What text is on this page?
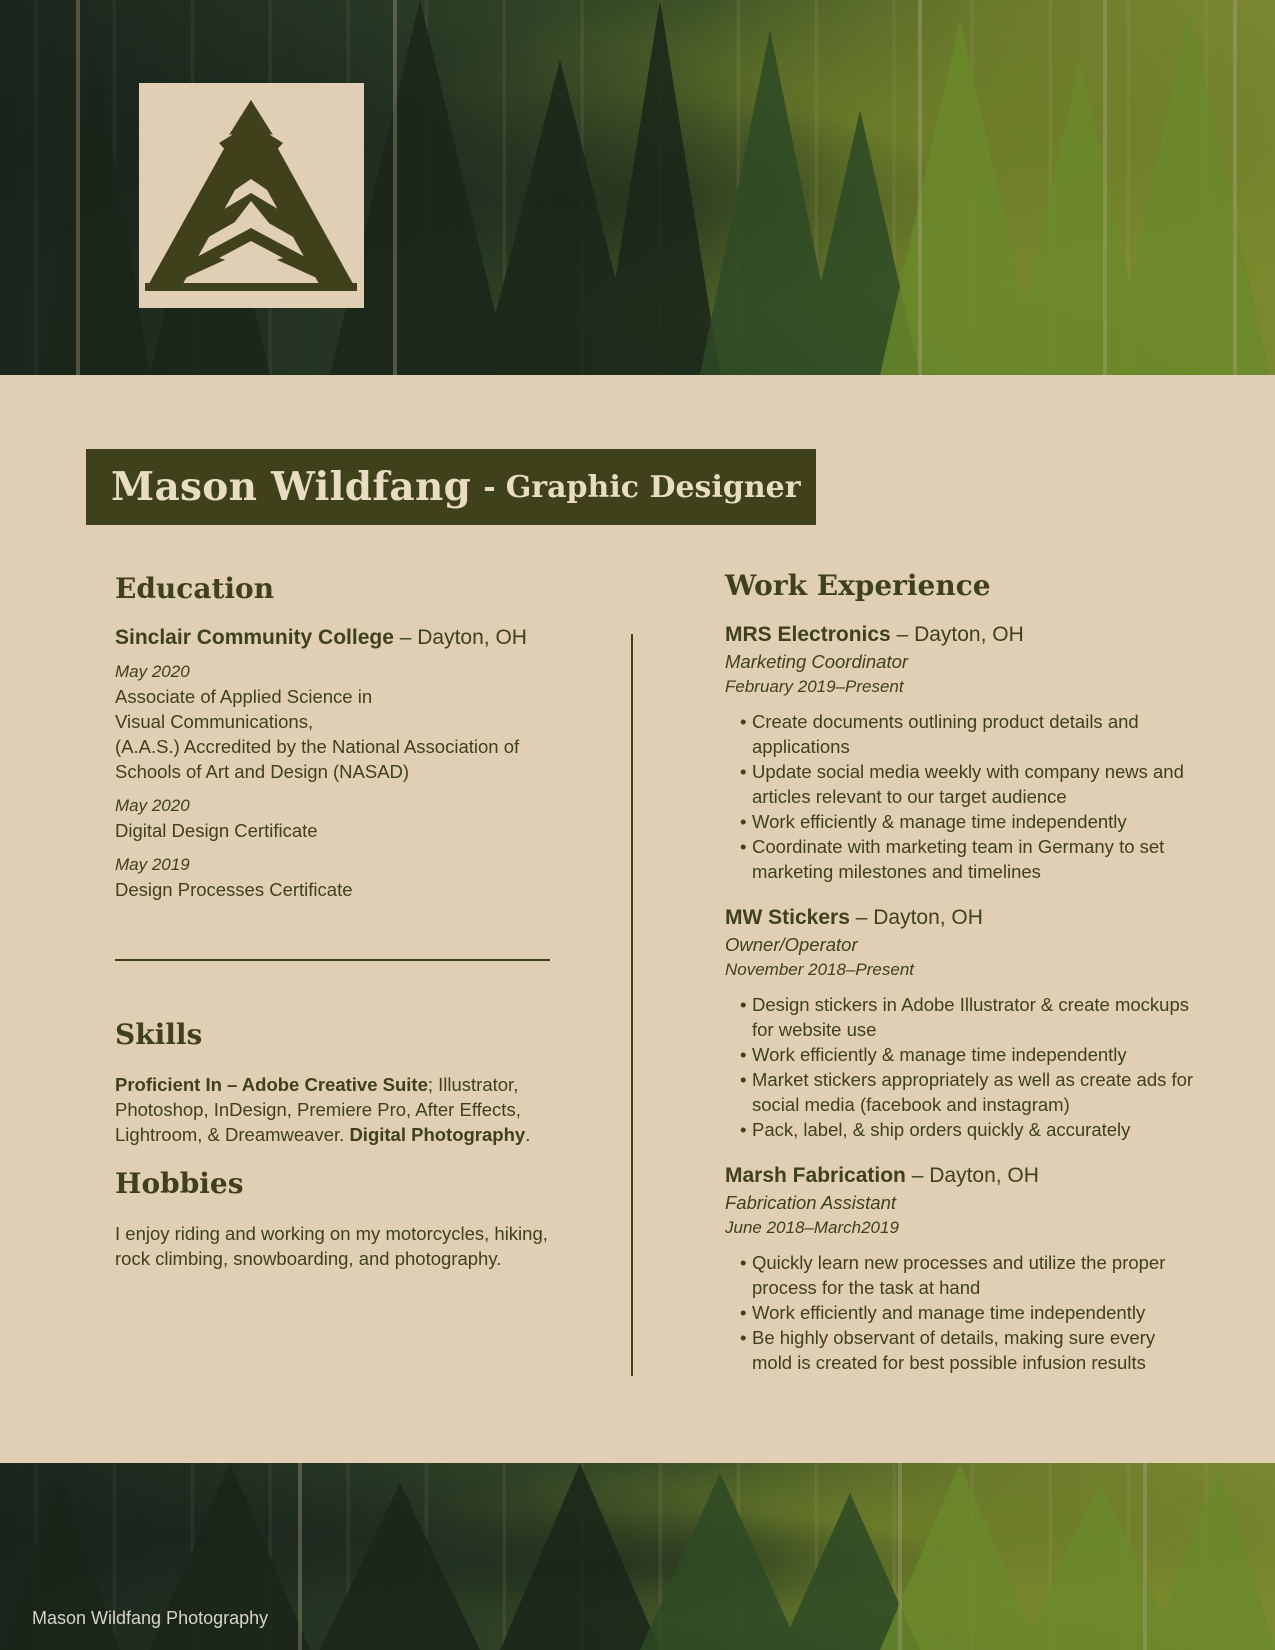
Mason Wildfang - Graphic Designer
Education
Sinclair Community College – Dayton, OH
May 2020

Associate of Applied Science in

Visual Communications,

(A.A.S.) Accredited by the National Association of

Schools of Art and Design (NASAD)

May 2020

Digital Design Certificate

May 2019

Design Processes Certificate

Skills
Proficient In – Adobe Creative Suite; Illustrator, Photoshop, InDesign, Premiere Pro, After Effects, Lightroom, & Dreamweaver. Digital Photography.
Hobbies
I enjoy riding and working on my motorcycles, hiking, rock climbing, snowboarding, and photography.
Work Experience
MRS Electronics – Dayton, OH
Marketing Coordinator
February 2019–Present
• Create documents outlining product details and applications
• Update social media weekly with company news and articles relevant to our target audience
• Work efficiently & manage time independently
• Coordinate with marketing team in Germany to set marketing milestones and timelines
MW Stickers – Dayton, OH
Owner/Operator
November 2018–Present
• Design stickers in Adobe Illustrator & create mockups for website use
• Work efficiently & manage time independently
• Market stickers appropriately as well as create ads for social media (facebook and instagram)
• Pack, label, & ship orders quickly & accurately
Marsh Fabrication – Dayton, OH
Fabrication Assistant
June 2018–March2019
• Quickly learn new processes and utilize the proper process for the task at hand
• Work efficiently and manage time independently
• Be highly observant of details, making sure every mold is created for best possible infusion results
Mason Wildfang Photography
